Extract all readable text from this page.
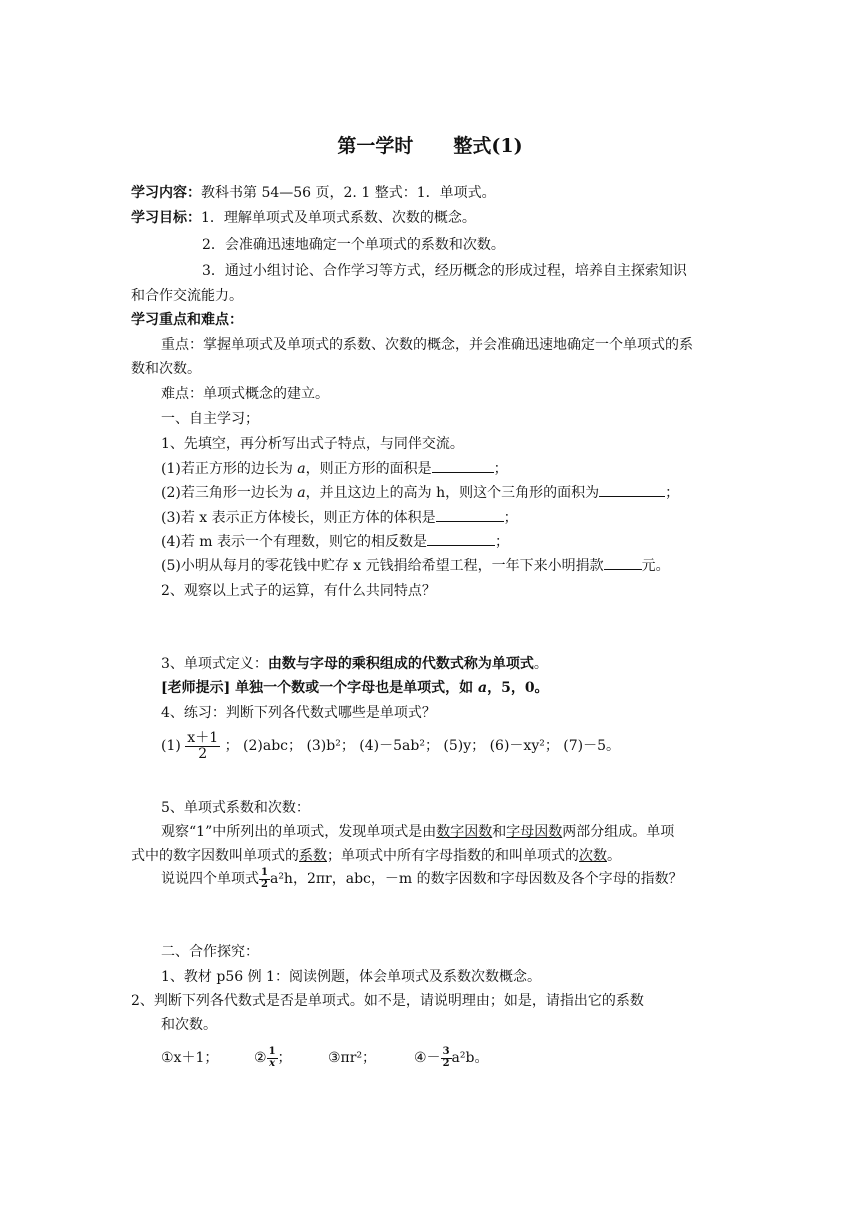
第一学时 整式(1)
学习内容：教科书第 54—56 页，2. 1 整式：1．单项式。
学习目标：1．理解单项式及单项式系数、次数的概念。
2．会准确迅速地确定一个单项式的系数和次数。
3．通过小组讨论、合作学习等方式，经历概念的形成过程，培养自主探索知识
和合作交流能力。
学习重点和难点：
重点：掌握单项式及单项式的系数、次数的概念，并会准确迅速地确定一个单项式的系
数和次数。
难点：单项式概念的建立。
一、自主学习；
1、先填空，再分析写出式子特点，与同伴交流。
(1)若正方形的边长为 a，则正方形的面积是	；
(2)若三角形一边长为 a，并且这边上的高为 h，则这个三角形的面积为	；
(3)若 x 表示正方体棱长，则正方体的体积是	；
(4)若 m 表示一个有理数，则它的相反数是	；
(5)小明从每月的零花钱中贮存 x 元钱捐给希望工程，一年下来小明捐款	元。
2、观察以上式子的运算，有什么共同特点？
3、单项式定义：由数与字母的乘积组成的代数式称为单项式。
[老师提示] 单独一个数或一个字母也是单项式，如 a，5，0。
4、练习：判断下列各代数式哪些是单项式？
$(1) \frac{x+1}{2}$ ； (2)abc； (3)b²； (4)－5ab²； (5)y； (6)－xy²； (7)－5。
5、单项式系数和次数：
观察“1”中所列出的单项式，发现单项式是由数字因数和字母因数两部分组成。单项
式中的数字因数叫单项式的系数；单项式中所有字母指数的和叫单项式的次数。
说说四个单项式 $\frac{1}{2} a^2h$，2πr，abc，－m 的数字因数和字母因数及各个字母的指数？
二、合作探究：
1、教材 p56 例 1：阅读例题，体会单项式及系数次数概念。
2、判断下列各代数式是否是单项式。如不是，请说明理由；如是，请指出它的系数
和次数。
①x＋1；	② $\frac{1}{x}$ ；	③πr²；	④－ $\frac{3}{2} a^2b$。
